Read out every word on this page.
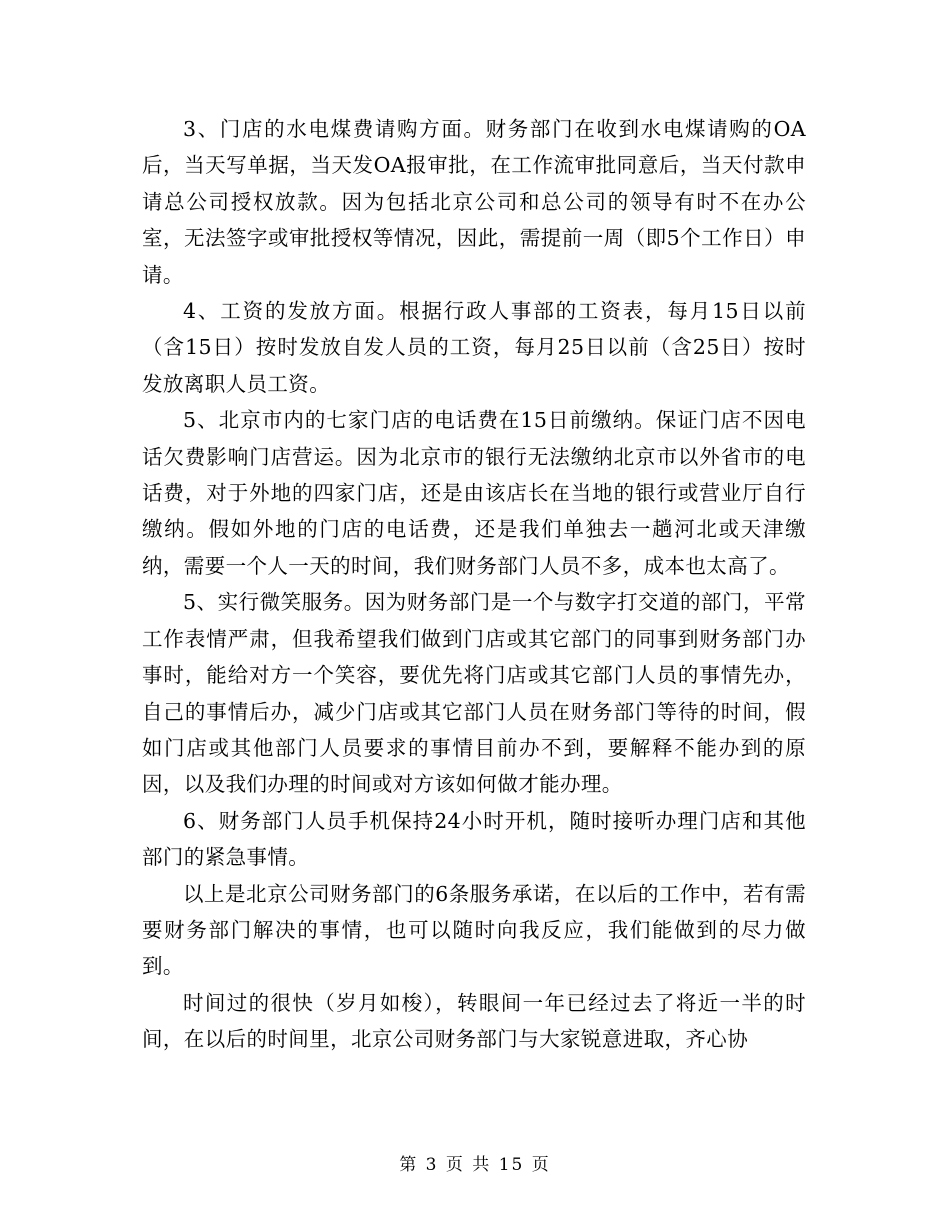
3、门店的水电煤费请购方面。财务部门在收到水电煤请购的OA后，当天写单据，当天发OA报审批，在工作流审批同意后，当天付款申请总公司授权放款。因为包括北京公司和总公司的领导有时不在办公室，无法签字或审批授权等情况，因此，需提前一周（即5个工作日）申请。

4、工资的发放方面。根据行政人事部的工资表，每月15日以前（含15日）按时发放自发人员的工资，每月25日以前（含25日）按时发放离职人员工资。

5、北京市内的七家门店的电话费在15日前缴纳。保证门店不因电话欠费影响门店营运。因为北京市的银行无法缴纳北京市以外省市的电话费，对于外地的四家门店，还是由该店长在当地的银行或营业厅自行缴纳。假如外地的门店的电话费，还是我们单独去一趟河北或天津缴纳，需要一个人一天的时间，我们财务部门人员不多，成本也太高了。

5、实行微笑服务。因为财务部门是一个与数字打交道的部门，平常工作表情严肃，但我希望我们做到门店或其它部门的同事到财务部门办事时，能给对方一个笑容，要优先将门店或其它部门人员的事情先办，自己的事情后办，减少门店或其它部门人员在财务部门等待的时间，假如门店或其他部门人员要求的事情目前办不到，要解释不能办到的原因，以及我们办理的时间或对方该如何做才能办理。

6、财务部门人员手机保持24小时开机，随时接听办理门店和其他部门的紧急事情。

以上是北京公司财务部门的6条服务承诺，在以后的工作中，若有需要财务部门解决的事情，也可以随时向我反应，我们能做到的尽力做到。

时间过的很快（岁月如梭），转眼间一年已经过去了将近一半的时间，在以后的时间里，北京公司财务部门与大家锐意进取，齐心协

第 3 页 共 15 页
